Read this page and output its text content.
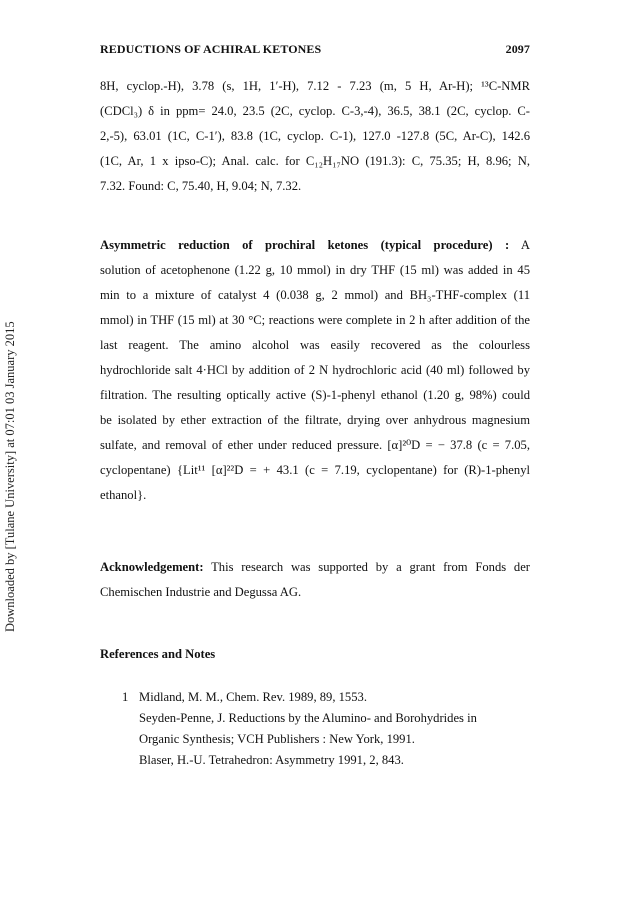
REDUCTIONS OF ACHIRAL KETONES	2097
Downloaded by [Tulane University] at 07:01 03 January 2015
8H, cyclop.-H), 3.78 (s, 1H, 1′-H), 7.12 - 7.23 (m, 5 H, Ar-H); ¹³C-NMR
(CDCl₃) δ in ppm= 24.0, 23.5 (2C, cyclop. C-3,-4), 36.5, 38.1 (2C, cyclop. C-
2,-5), 63.01 (1C, C-1′), 83.8 (1C, cyclop. C-1), 127.0 -127.8 (5C, Ar-C), 142.6
(1C, Ar, 1 x ipso-C); Anal. calc. for C₁₂H₁₇NO (191.3): C, 75.35; H, 8.96; N,
7.32. Found: C, 75.40, H, 9.04; N, 7.32.
Asymmetric reduction of prochiral ketones (typical procedure) : A
solution of acetophenone (1.22 g, 10 mmol) in dry THF (15 ml) was added in 45
min to a mixture of catalyst 4 (0.038 g, 2 mmol) and BH₃-THF-complex (11
mmol) in THF (15 ml) at 30 °C; reactions were complete in 2 h after addition of the
last reagent. The amino alcohol was easily recovered as the colourless
hydrochloride salt 4·HCl by addition of 2 N hydrochloric acid (40 ml) followed by
filtration. The resulting optically active (S)-1-phenyl ethanol (1.20 g, 98%) could
be isolated by ether extraction of the filtrate, drying over anhydrous magnesium
sulfate, and removal of ether under reduced pressure. [α]²⁰D = − 37.8 (c = 7.05,
cyclopentane) {Lit¹¹ [α]²²D = + 43.1 (c = 7.19, cyclopentane) for (R)-1-phenyl
ethanol}.
Acknowledgement: This research was supported by a grant from Fonds der
Chemischen Industrie and Degussa AG.
References and Notes
1 Midland, M. M., Chem. Rev. 1989, 89, 1553.
Seyden-Penne, J. Reductions by the Alumino- and Borohydrides in
Organic Synthesis; VCH Publishers : New York, 1991.
Blaser, H.-U. Tetrahedron: Asymmetry 1991, 2, 843.
